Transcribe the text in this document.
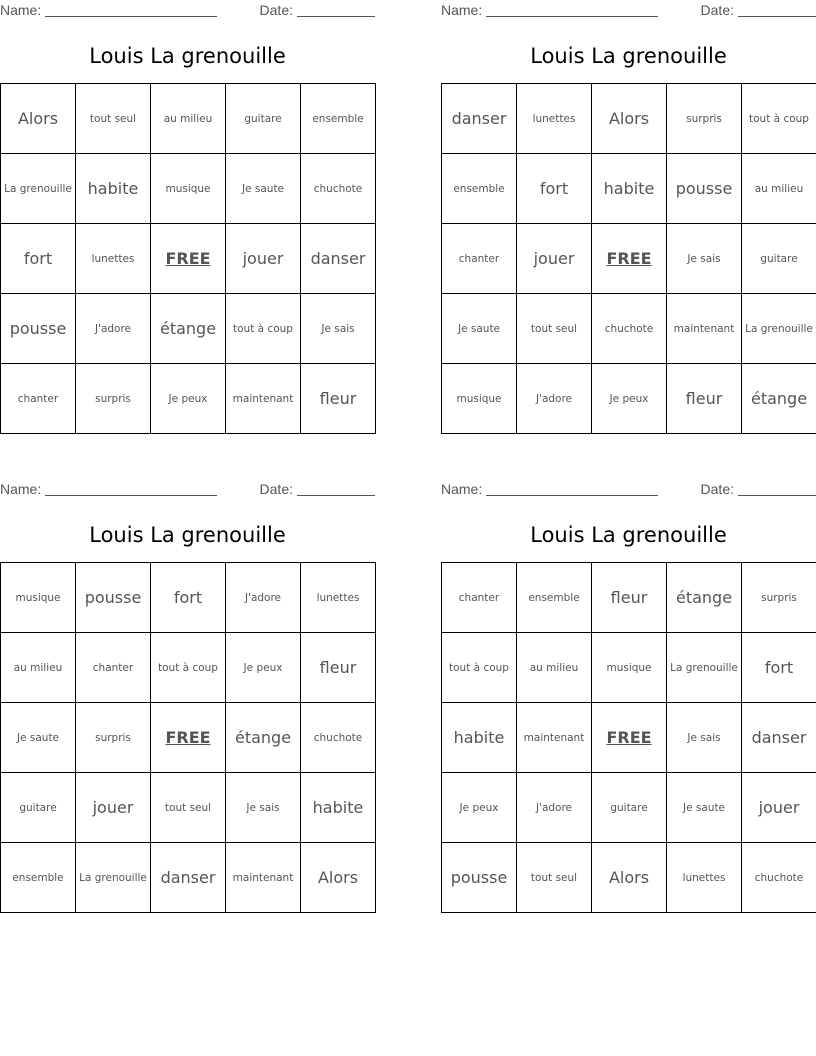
Name:	Date:
Louis La grenouille
Alors	tout seul	au milieu	guitare	ensemble
La grenouille	habite	musique	Je saute	chuchote
fort	lunettes	FREE	jouer	danser
pousse	J'adore	étange	tout à coup	Je sais
chanter	surpris	Je peux	maintenant	fleur
Name:	Date:
Louis La grenouille
danser	lunettes	Alors	surpris	tout à coup
ensemble	fort	habite	pousse	au milieu
chanter	jouer	FREE	Je sais	guitare
Je saute	tout seul	chuchote	maintenant	La grenouille
musique	J'adore	Je peux	fleur	étange
Name:	Date:
Louis La grenouille
musique	pousse	fort	J'adore	lunettes
au milieu	chanter	tout à coup	Je peux	fleur
Je saute	surpris	FREE	étange	chuchote
guitare	jouer	tout seul	Je sais	habite
ensemble	La grenouille	danser	maintenant	Alors
Name:	Date:
Louis La grenouille
chanter	ensemble	fleur	étange	surpris
tout à coup	au milieu	musique	La grenouille	fort
habite	maintenant	FREE	Je sais	danser
Je peux	J'adore	guitare	Je saute	jouer
pousse	tout seul	Alors	lunettes	chuchote
